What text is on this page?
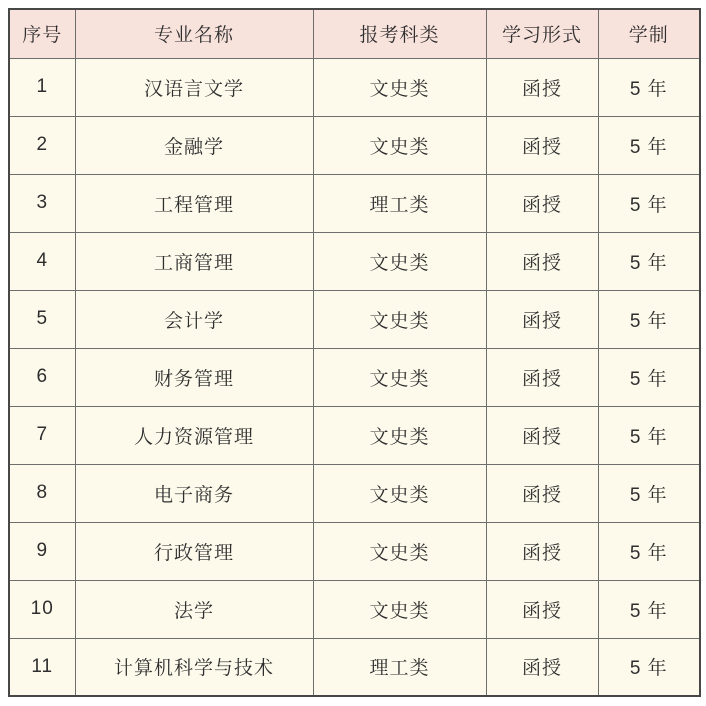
序号	专业名称	报考科类	学习形式	学制
1	汉语言文学	文史类	函授	5 年
2	金融学	文史类	函授	5 年
3	工程管理	理工类	函授	5 年
4	工商管理	文史类	函授	5 年
5	会计学	文史类	函授	5 年
6	财务管理	文史类	函授	5 年
7	人力资源管理	文史类	函授	5 年
8	电子商务	文史类	函授	5 年
9	行政管理	文史类	函授	5 年
10	法学	文史类	函授	5 年
11	计算机科学与技术	理工类	函授	5 年
